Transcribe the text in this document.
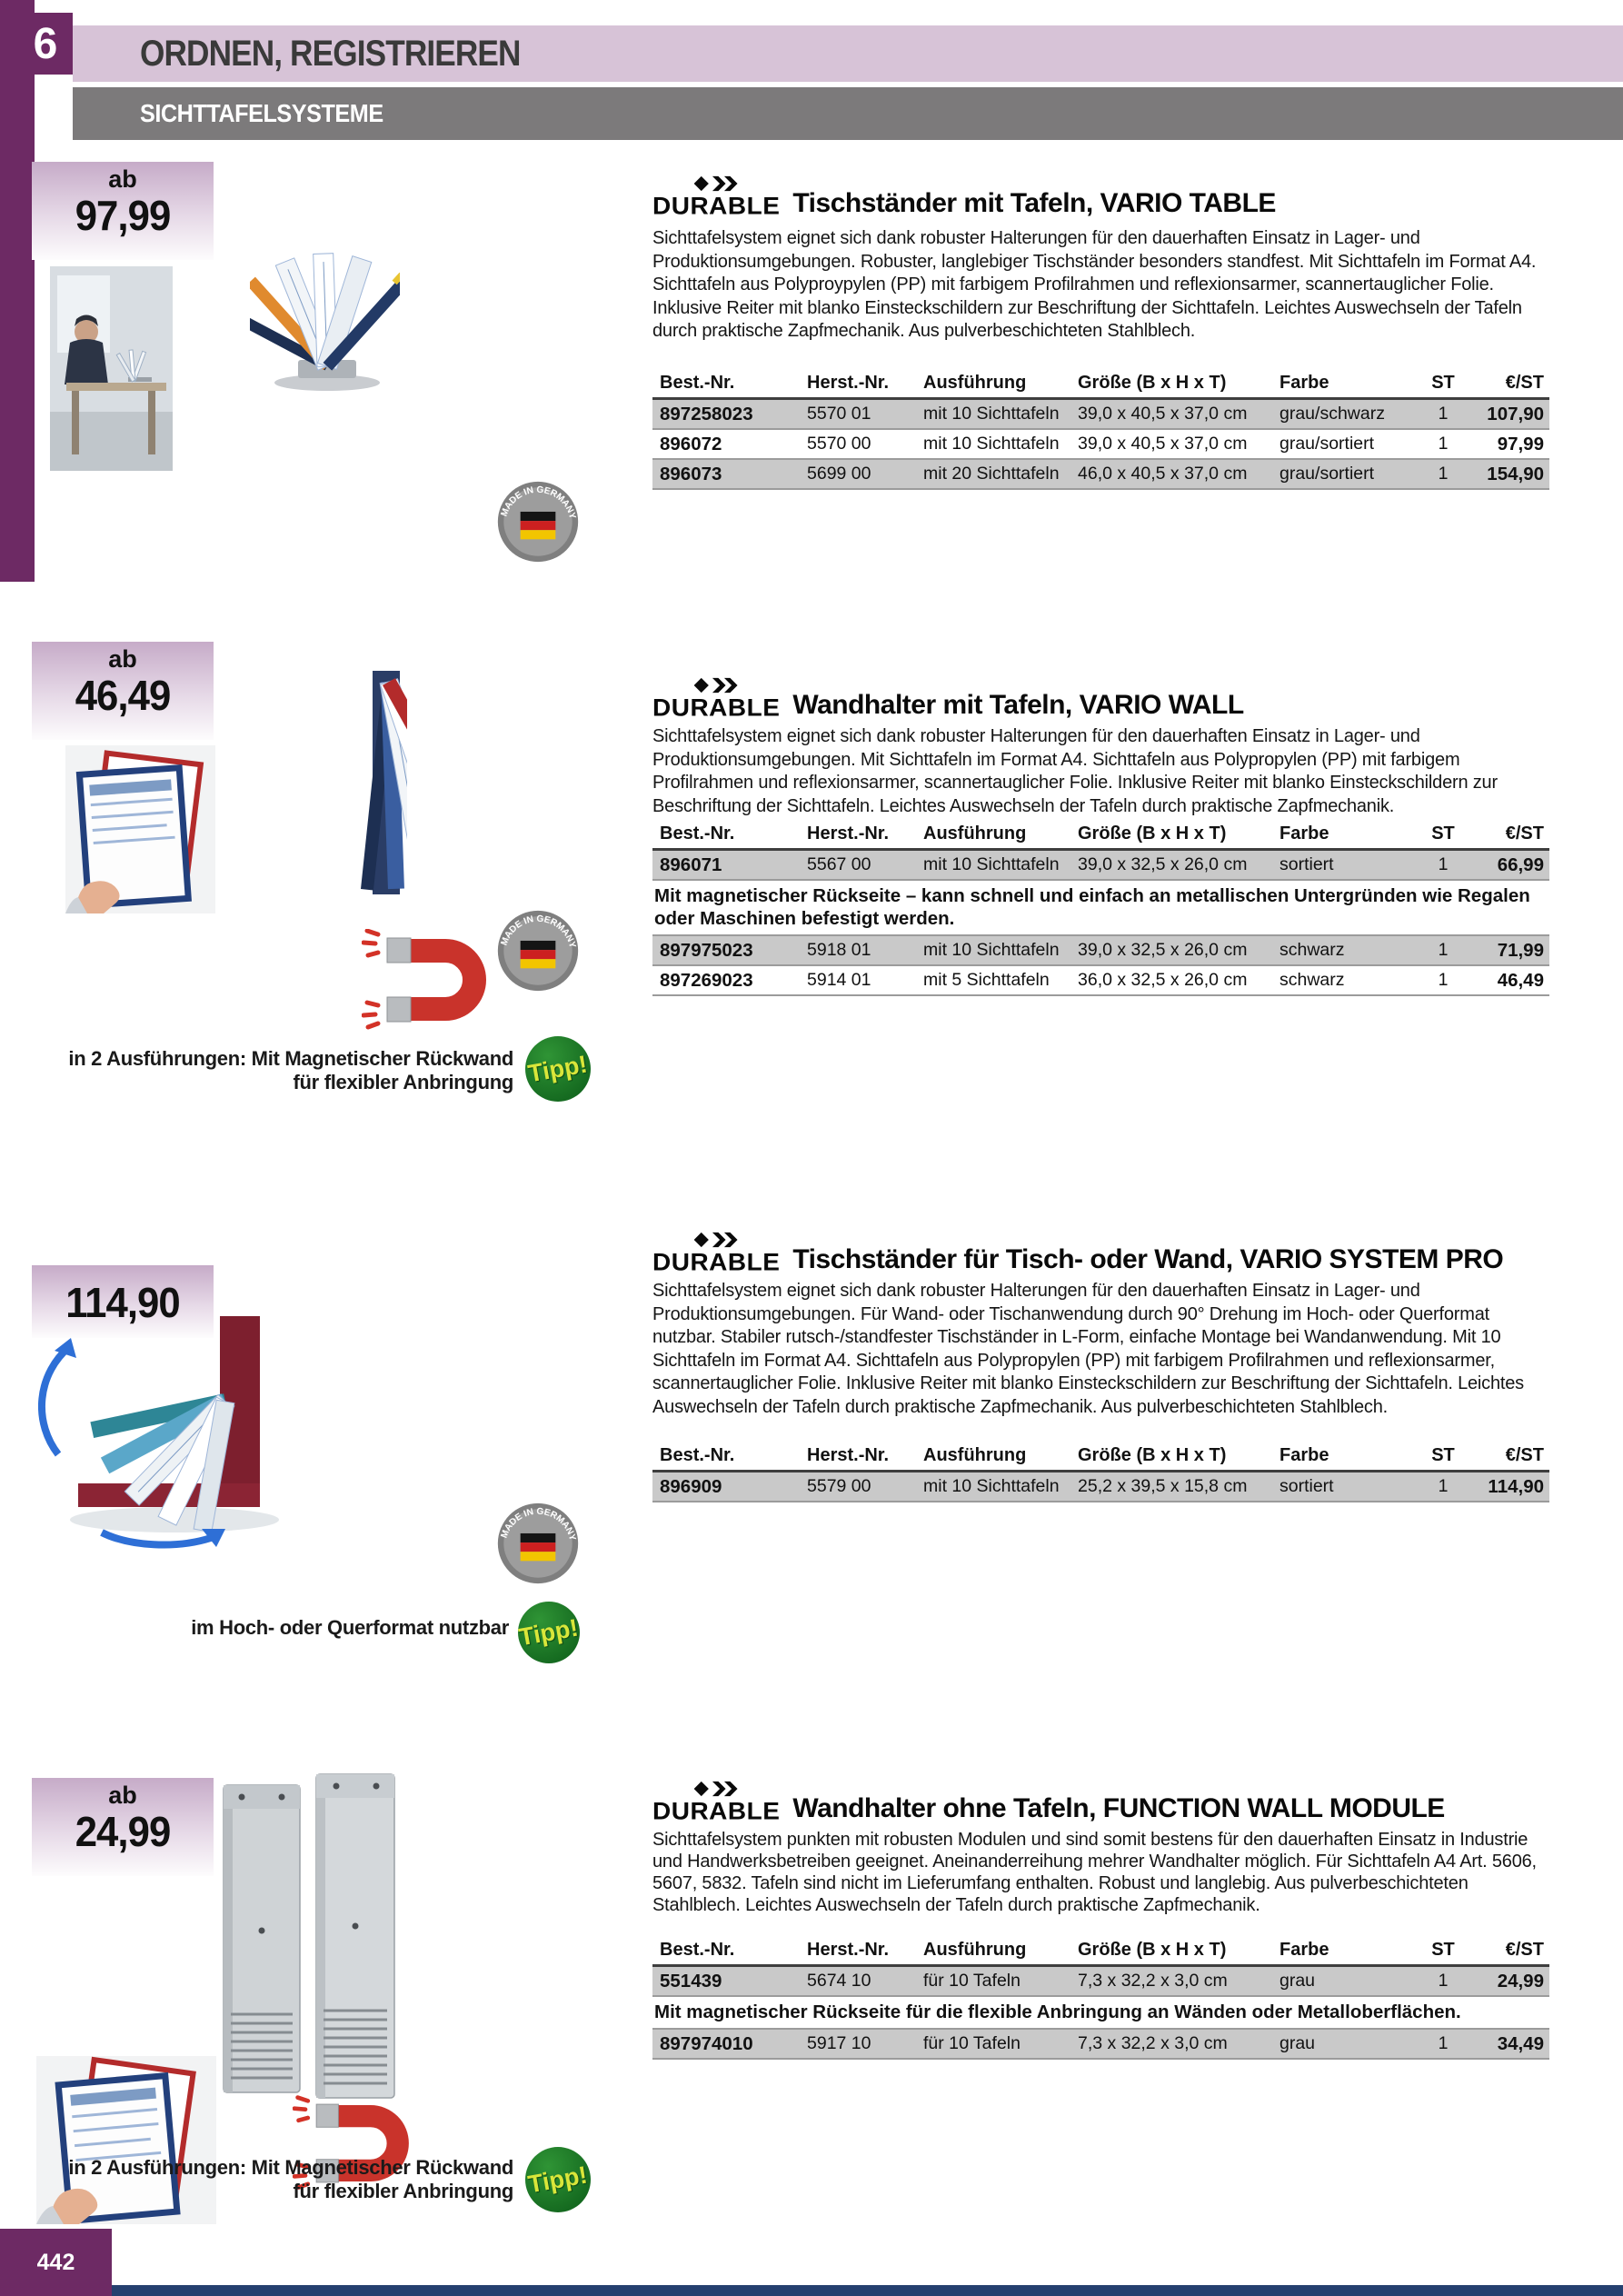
6 ORDNEN, REGISTRIEREN
SICHTTAFELSYSTEME
ab
97,99	DURABLE Tischständer mit Tafeln, VARIO TABLE

Sichttafelsystem eignet sich dank robuster Halterungen für den dauerhaften Einsatz in Lager- und Produktionsumgebungen. Robuster, langlebiger Tischständer besonders standfest. Mit Sichttafeln im Format A4. Sichttafeln aus Polyproypylen (PP) mit farbigem Profilrahmen und reflexionsarmer, scannertauglicher Folie. Inklusive Reiter mit blanko Einsteckschildern zur Beschriftung der Sichttafeln. Leichtes Auswechseln der Tafeln durch praktische Zapfmechanik. Aus pulverbeschichteten Stahlblech.

Best.-Nr.	Herst.-Nr.	Ausführung	Größe (B x H x T)	Farbe	ST	€/ST
897258023	5570 01	mit 10 Sichttafeln	39,0 x 40,5 x 37,0 cm	grau/schwarz	1	107,90
896072	5570 00	mit 10 Sichttafeln	39,0 x 40,5 x 37,0 cm	grau/sortiert	1	97,99
896073	5699 00	mit 20 Sichttafeln	46,0 x 40,5 x 37,0 cm	grau/sortiert	1	154,90
MADE IN GERMANY
ab
46,49	DURABLE Wandhalter mit Tafeln, VARIO WALL

Sichttafelsystem eignet sich dank robuster Halterungen für den dauerhaften Einsatz in Lager- und Produktionsumgebungen. Mit Sichttafeln im Format A4. Sichttafeln aus Polypropylen (PP) mit farbigem Profilrahmen und reflexionsarmer, scannertauglicher Folie. Inklusive Reiter mit blanko Einsteckschildern zur Beschriftung der Sichttafeln. Leichtes Auswechseln der Tafeln durch praktische Zapfmechanik.

Best.-Nr.	Herst.-Nr.	Ausführung	Größe (B x H x T)	Farbe	ST	€/ST
896071	5567 00	mit 10 Sichttafeln	39,0 x 32,5 x 26,0 cm	sortiert	1	66,99
Mit magnetischer Rückseite – kann schnell und einfach an metallischen Untergründen wie Regalen oder Maschinen befestigt werden.						
897975023	5918 01	mit 10 Sichttafeln	39,0 x 32,5 x 26,0 cm	schwarz	1	71,99
897269023	5914 01	mit 5 Sichttafeln	36,0 x 32,5 x 26,0 cm	schwarz	1	46,49
MADE IN GERMANY
in 2 Ausführungen: Mit Magnetischer Rückwand für flexibler Anbringung Tipp!
114,90
DURABLE Tischständer für Tisch- oder Wand, VARIO SYSTEM PRO

Sichttafelsystem eignet sich dank robuster Halterungen für den dauerhaften Einsatz in Lager- und Produktionsumgebungen. Für Wand- oder Tischanwendung durch 90° Drehung im Hoch- oder Querformat nutzbar. Stabiler rutsch-/standfester Tischständer in L-Form, einfache Montage bei Wandanwendung. Mit 10 Sichttafeln im Format A4. Sichttafeln aus Polypropylen (PP) mit farbigem Profilrahmen und reflexionsarmer, scannertauglicher Folie. Inklusive Reiter mit blanko Einsteckschildern zur Beschriftung der Sichttafeln. Leichtes Auswechseln der Tafeln durch praktische Zapfmechanik. Aus pulverbeschichteten Stahlblech.

Best.-Nr.	Herst.-Nr.	Ausführung	Größe (B x H x T)	Farbe	ST	€/ST
896909	5579 00	mit 10 Sichttafeln	25,2 x 39,5 x 15,8 cm	sortiert	1	114,90
MADE IN GERMANY
im Hoch- oder Querformat nutzbar Tipp!
ab
24,99	DURABLE Wandhalter ohne Tafeln, FUNCTION WALL MODULE

Sichttafelsystem punkten mit robusten Modulen und sind somit bestens für den dauerhaften Einsatz in Industrie und Handwerksbetreiben geeignet. Aneinanderreihung mehrer Wandhalter möglich. Für Sichttafeln A4 Art. 5606, 5607, 5832. Tafeln sind nicht im Lieferumfang enthalten. Robust und langlebig. Aus pulverbeschichteten Stahlblech. Leichtes Auswechseln der Tafeln durch praktische Zapfmechanik.

Best.-Nr.	Herst.-Nr.	Ausführung	Größe (B x H x T)	Farbe	ST	€/ST
551439	5674 10	für 10 Tafeln	7,3 x 32,2 x 3,0 cm	grau	1	24,99
Mit magnetischer Rückseite für die flexible Anbringung an Wänden oder Metalloberflächen.						
897974010	5917 10	für 10 Tafeln	7,3 x 32,2 x 3,0 cm	grau	1	34,49
in 2 Ausführungen: Mit Magnetischer Rückwand für flexibler Anbringung Tipp!
442
